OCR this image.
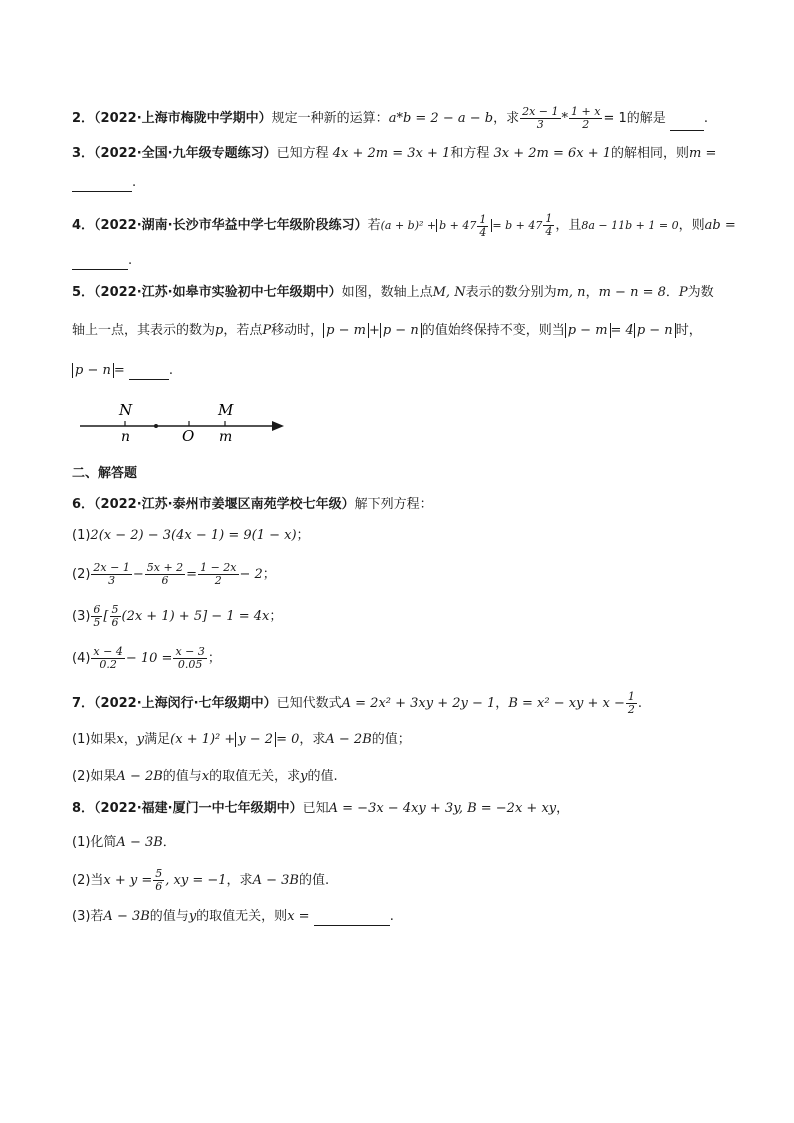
2．（2022·上海市梅陇中学期中）规定一种新的运算：a*b = 2 − a − b，求 $\frac{2x - 1}{3} * \frac{1 + x}{2} = 1$的解是	.
3．（2022·全国·九年级专题练习）已知方程 4x + 2m = 3x + 1和方程 3x + 2m = 6x + 1的解相同，则m =
.
4．（2022·湖南·长沙市华益中学七年级阶段练习）若$(a + b)^2 + b + 47 \frac{1}{4} = b + 47 \frac{1}{4}$ ，且8a − 11b + 1 = 0，则ab =
.
5．（2022·江苏·如皋市实验初中七年级期中）如图，数轴上点M, N表示的数分别为m, n，m − n = 8．P为数
轴上一点，其表示的数为p，若点P移动时， p − m + p − n 的值始终保持不变，则当 p − m = 4 p − n 时，
p − n =	.
N
n	O
M
m
二、解答题
6．（2022·江苏·泰州市姜堰区南苑学校七年级）解下列方程：
(1)2(x − 2) − 3(4x − 1) = 9(1 − x)；
$(2) \frac{2x - 1}{3} - \frac{5x + 2}{6} = \frac{1 - 2x}{2} - 2$；
$(3) \frac{6}{5}$ [ $\frac{5}{6} (2x + 1) + 5] - 1 = 4x$；
$(4) \frac{x - 4}{0.2} - 10 = \frac{x - 3}{0.05}$ ；
7．（2022·上海闵行·七年级期中）已知代数式A = 2x² + 3xy + 2y − 1，B = x² − xy + $x - \frac{1}{2}$ .
(1)如果x，y满足(x + 1)² + y − 2 = 0，求A − 2B的值；
(2)如果A − 2B的值与x的取值无关，求y的值.
8．（2022·福建·厦门一中七年级期中）已知A = −3x − 4xy + 3y, B = −2x + xy，
(1)化简A − 3B．
(2)当$x + y = \frac{5}{6}$ , xy = −1，求A − 3B的值.
(3)若A − 3B的值与y的取值无关，则x =	.
